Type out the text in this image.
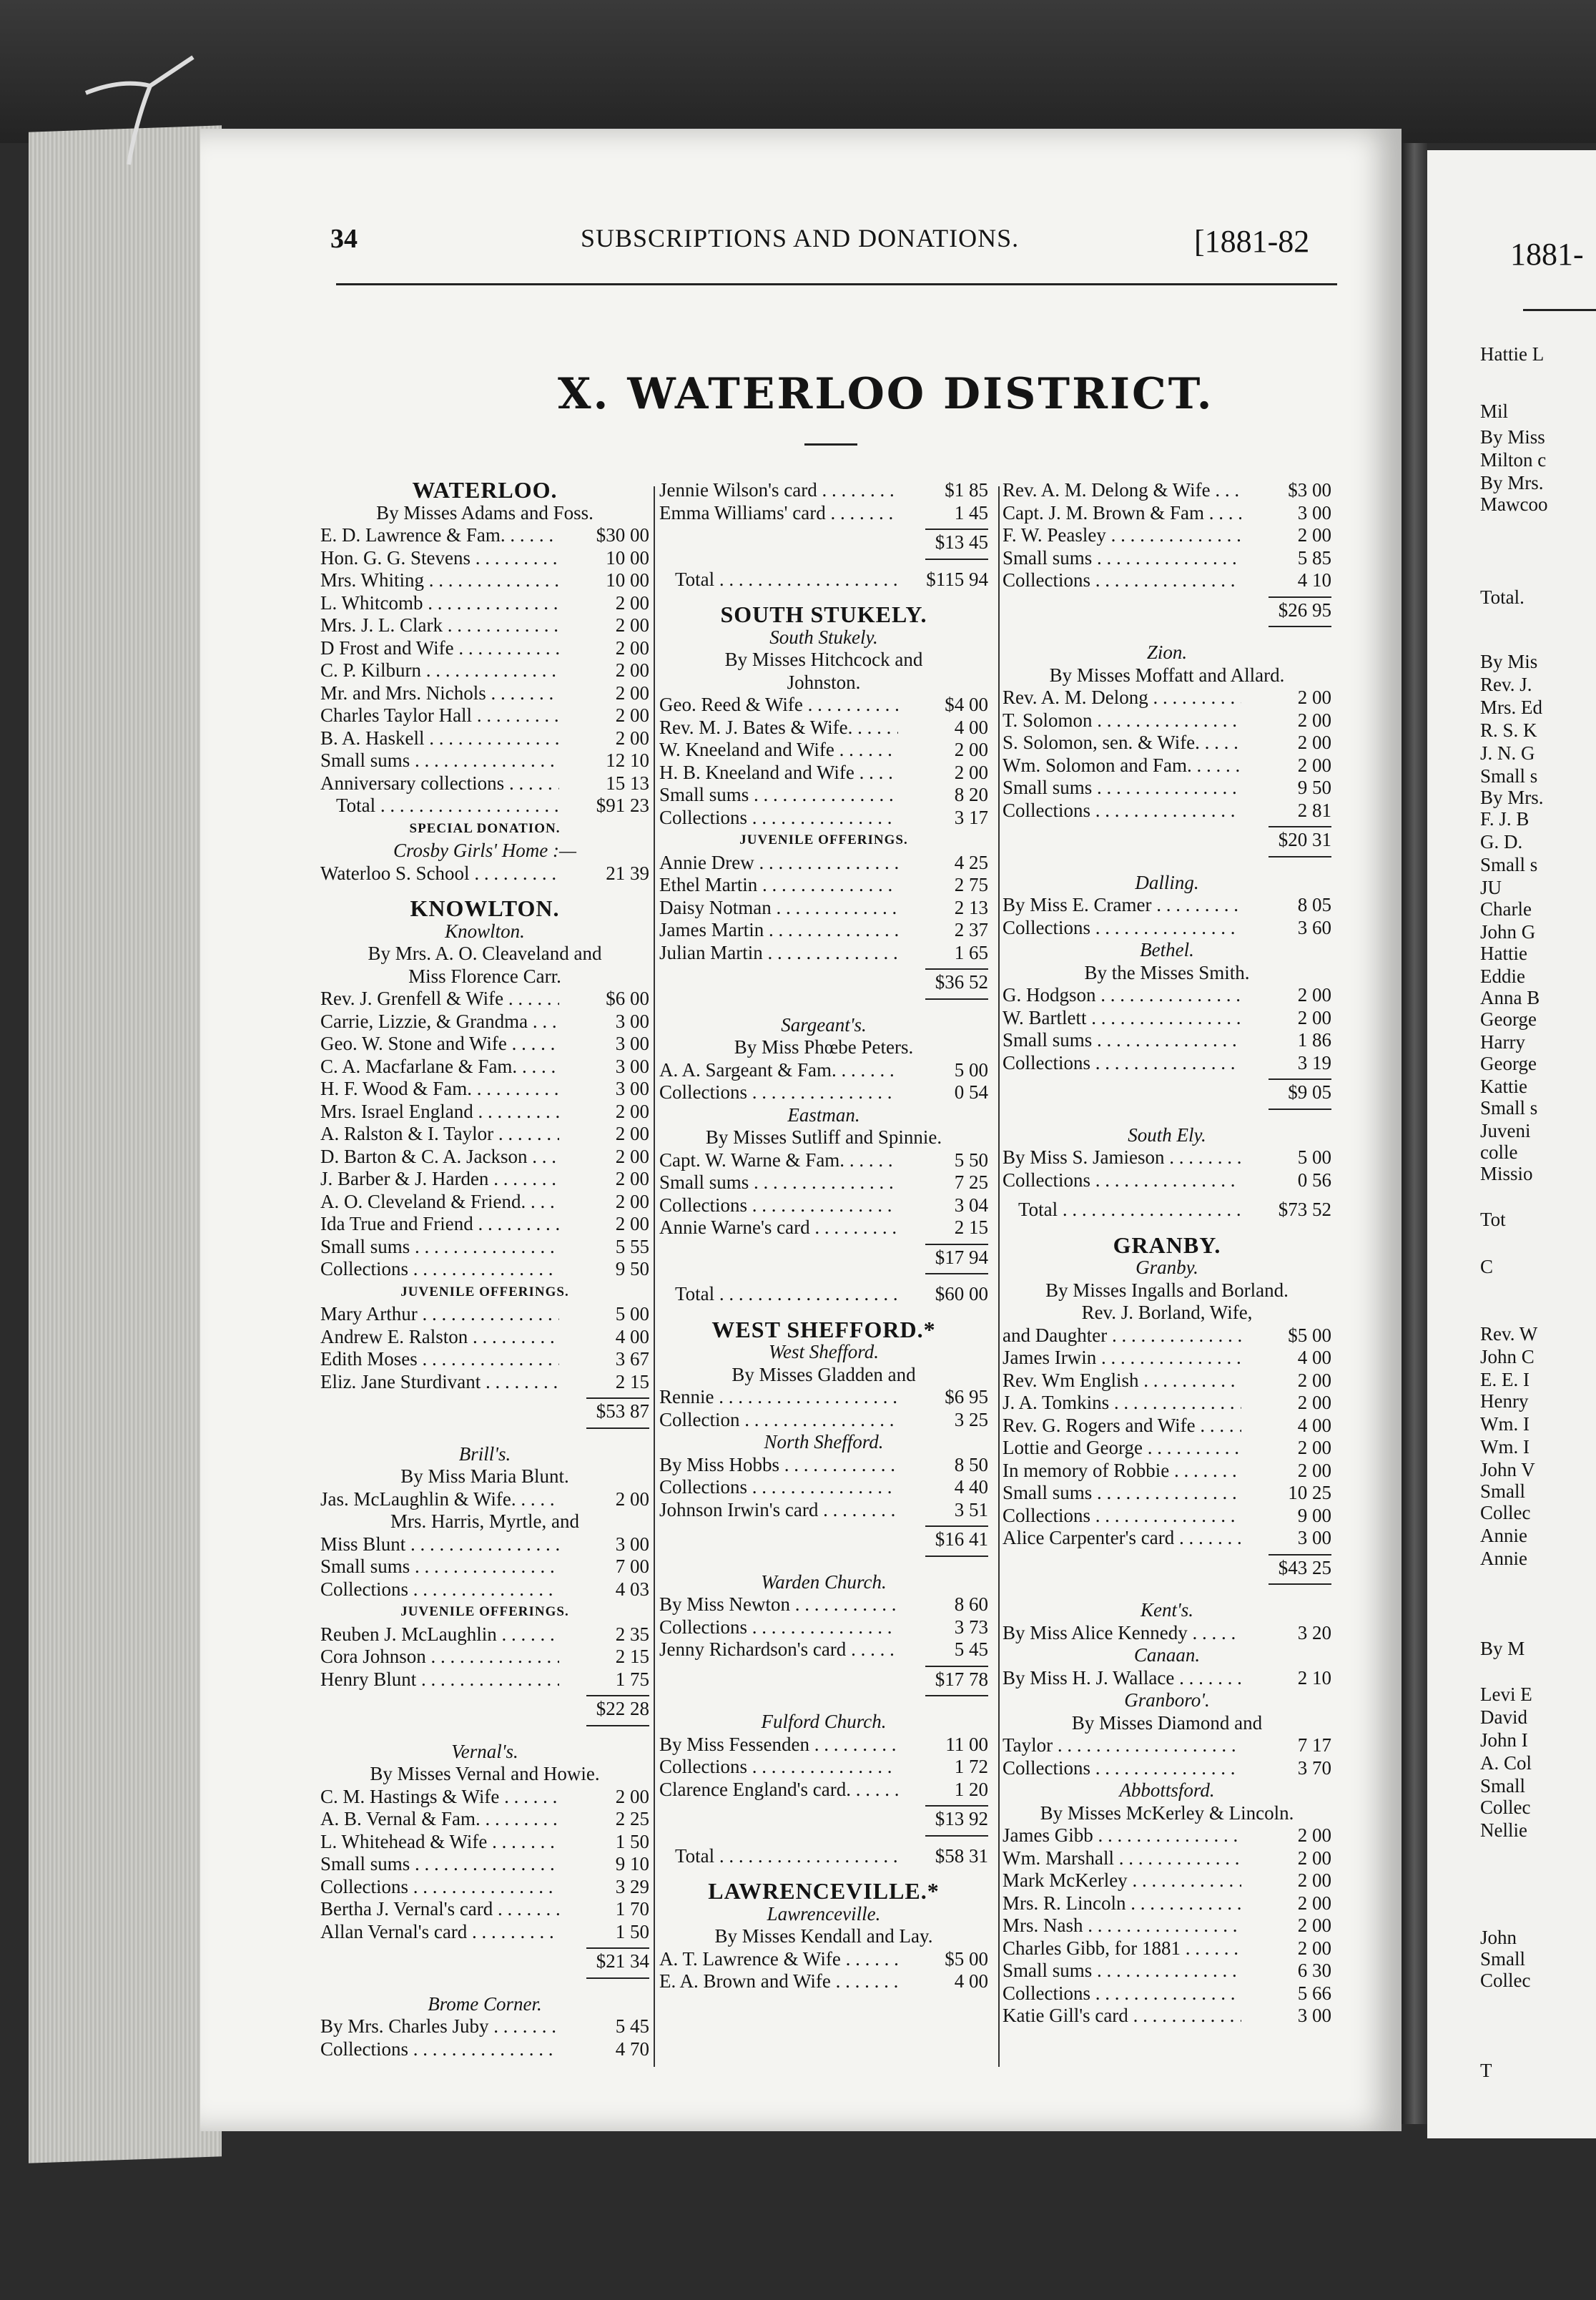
34	SUBSCRIPTIONS AND DONATIONS.	[1881-82
X. WATERLOO DISTRICT.
WATERLOO.
By Misses Adams and Foss.
E. D. Lawrence & Fam. . . .	$30 00
Hon. G. G. Stevens . . .	10 00
Mrs. Whiting . . .	10 00
L. Whitcomb . . .	2 00
Mrs. J. L. Clark . . .	2 00
D Frost and Wife . . .	2 00
C. P. Kilburn . . .	2 00
Mr. and Mrs. Nichols . . .	2 00
Charles Taylor Hall . . .	2 00
B. A. Haskell . . .	2 00
Small sums . . .	12 10
Anniversary collections . . .	15 13
Total . . .	$91 23
SPECIAL DONATION.
Crosby Girls' Home :—
Waterloo S. School . . .	21 39
KNOWLTON.
Knowlton.
By Mrs. A. O. Cleaveland and
Miss Florence Carr.
Rev. J. Grenfell & Wife . . .	$6 00
Carrie, Lizzie, & Grandma . . .	3 00
Geo. W. Stone and Wife . . .	3 00
C. A. Macfarlane & Fam. . . .	3 00
H. F. Wood & Fam. . . .	3 00
Mrs. Israel England . . .	2 00
A. Ralston & I. Taylor . . .	2 00
D. Barton & C. A. Jackson . . .	2 00
J. Barber & J. Harden . . .	2 00
A. O. Cleveland & Friend. . . .	2 00
Ida True and Friend . . .	2 00
Small sums . . .	5 55
Collections . . .	9 50
JUVENILE OFFERINGS.
Mary Arthur . . .	5 00
Andrew E. Ralston . . .	4 00
Edith Moses . . .	3 67
Eliz. Jane Sturdivant . . .	2 15
$53 87
Brill's.
By Miss Maria Blunt.
Jas. McLaughlin & Wife. . . .	2 00
Mrs. Harris, Myrtle, and
Miss Blunt . . .	3 00
Small sums . . .	7 00
Collections . . .	4 03
JUVENILE OFFERINGS.
Reuben J. McLaughlin . . .	2 35
Cora Johnson . . .	2 15
Henry Blunt . . .	1 75
$22 28
Vernal's.
By Misses Vernal and Howie.
C. M. Hastings & Wife . . .	2 00
A. B. Vernal & Fam. . . .	2 25
L. Whitehead & Wife . . .	1 50
Small sums . . .	9 10
Collections . . .	3 29
Bertha J. Vernal's card . . .	1 70
Allan Vernal's card . . .	1 50
$21 34
Brome Corner.
By Mrs. Charles Juby . . .	5 45
Collections . . .	4 70
Jennie Wilson's card . . .	$1 85
Emma Williams' card . . .	1 45
$13 45
Total . . .	$115 94
SOUTH STUKELY.
South Stukely.
By Misses Hitchcock and
Johnston.
Geo. Reed & Wife . . .	$4 00
Rev. M. J. Bates & Wife. . . .	4 00
W. Kneeland and Wife . . .	2 00
H. B. Kneeland and Wife . . .	2 00
Small sums . . .	8 20
Collections . . .	3 17
JUVENILE OFFERINGS.
Annie Drew . . .	4 25
Ethel Martin . . .	2 75
Daisy Notman . . .	2 13
James Martin . . .	2 37
Julian Martin . . .	1 65
$36 52
Sargeant's.
By Miss Phœbe Peters.
A. A. Sargeant & Fam. . . .	5 00
Collections . . .	0 54
Eastman.
By Misses Sutliff and Spinnie.
Capt. W. Warne & Fam. . . .	5 50
Small sums . . .	7 25
Collections . . .	3 04
Annie Warne's card . . .	2 15
$17 94
Total . . .	$60 00
WEST SHEFFORD.*
West Shefford.
By Misses Gladden and
Rennie . . .	$6 95
Collection . . .	3 25
North Shefford.
By Miss Hobbs . . .	8 50
Collections . . .	4 40
Johnson Irwin's card . . .	3 51
$16 41
Warden Church.
By Miss Newton . . .	8 60
Collections . . .	3 73
Jenny Richardson's card . . .	5 45
$17 78
Fulford Church.
By Miss Fessenden . . .	11 00
Collections . . .	1 72
Clarence England's card. . . .	1 20
$13 92
Total . . .	$58 31
LAWRENCEVILLE.*
Lawrenceville.
By Misses Kendall and Lay.
A. T. Lawrence & Wife . . .	$5 00
E. A. Brown and Wife . . .	4 00
Rev. A. M. Delong & Wife . . .	$3 00
Capt. J. M. Brown & Fam . . .	3 00
F. W. Peasley . . .	2 00
Small sums . . .	5 85
Collections . . .	4 10
$26 95
Zion.
By Misses Moffatt and Allard.
Rev. A. M. Delong . . .	2 00
T. Solomon . . .	2 00
S. Solomon, sen. & Wife. . . .	2 00
Wm. Solomon and Fam. . . .	2 00
Small sums . . .	9 50
Collections . . .	2 81
$20 31
Dalling.
By Miss E. Cramer . . .	8 05
Collections . . .	3 60
Bethel.
By the Misses Smith.
G. Hodgson . . .	2 00
W. Bartlett . . .	2 00
Small sums . . .	1 86
Collections . . .	3 19
$9 05
South Ely.
By Miss S. Jamieson . . .	5 00
Collections . . .	0 56
Total . . .	$73 52
GRANBY.
Granby.
By Misses Ingalls and Borland.
Rev. J. Borland, Wife,
and Daughter . . .	$5 00
James Irwin . . .	4 00
Rev. Wm English . . .	2 00
J. A. Tomkins . . .	2 00
Rev. G. Rogers and Wife . . .	4 00
Lottie and George . . .	2 00
In memory of Robbie . . .	2 00
Small sums . . .	10 25
Collections . . .	9 00
Alice Carpenter's card . . .	3 00
$43 25
Kent's.
By Miss Alice Kennedy . . .	3 20
Canaan.
By Miss H. J. Wallace . . .	2 10
Granboro'.
By Misses Diamond and
Taylor . . .	7 17
Collections . . .	3 70
Abbottsford.
By Misses McKerley & Lincoln.
James Gibb . . .	2 00
Wm. Marshall . . .	2 00
Mark McKerley . . .	2 00
Mrs. R. Lincoln . . .	2 00
Mrs. Nash . . .	2 00
Charles Gibb, for 1881 . . .	2 00
Small sums . . .	6 30
Collections . . .	5 66
Katie Gill's card . . .	3 00
1881-
Hattie L
Mil
By Miss
Milton c
By Mrs.
Mawcoo
Total.
By Mis
Rev. J.
Mrs. Ed
R. S. K
J. N. G
Small s
By Mrs.
F. J. B
G. D.
Small s
JU
Charle
John G
Hattie
Eddie
Anna B
George
Harry
George
Kattie
Small s
Juveni
colle
Missio
Tot
C
Rev. W
John C
E. E. I
Henry
Wm. I
Wm. I
John V
Small
Collec
Annie
Annie
By M
Levi E
David
John I
A. Col
Small
Collec
Nellie
John
Small
Collec
T
